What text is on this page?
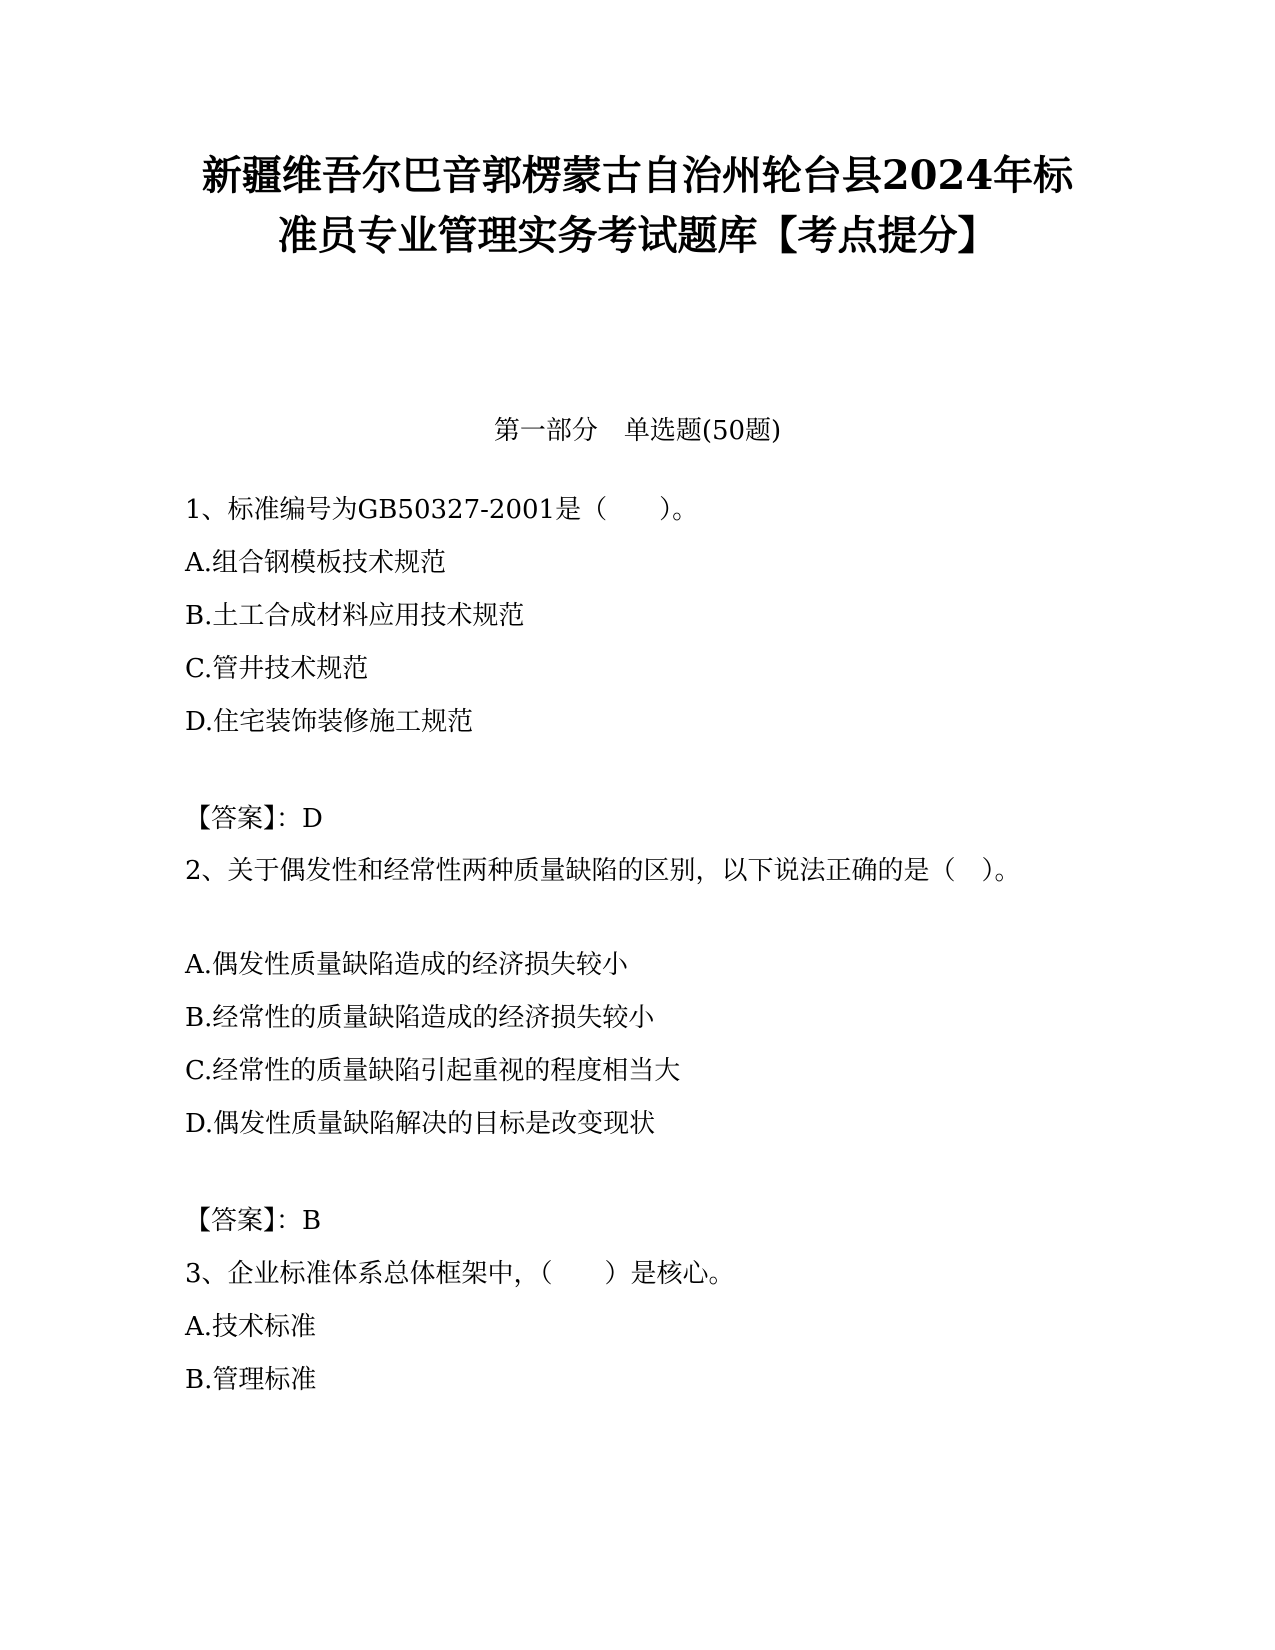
新疆维吾尔巴音郭楞蒙古自治州轮台县2024年标
准员专业管理实务考试题库【考点提分】
第一部分　单选题(50题)
1、标准编号为GB50327-2001是（　　）。
A.组合钢模板技术规范
B.土工合成材料应用技术规范
C.管井技术规范
D.住宅装饰装修施工规范
【答案】：D
2、关于偶发性和经常性两种质量缺陷的区别，以下说法正确的是（　）。
A.偶发性质量缺陷造成的经济损失较小
B.经常性的质量缺陷造成的经济损失较小
C.经常性的质量缺陷引起重视的程度相当大
D.偶发性质量缺陷解决的目标是改变现状
【答案】：B
3、企业标准体系总体框架中，（　　）是核心。
A.技术标准
B.管理标准
